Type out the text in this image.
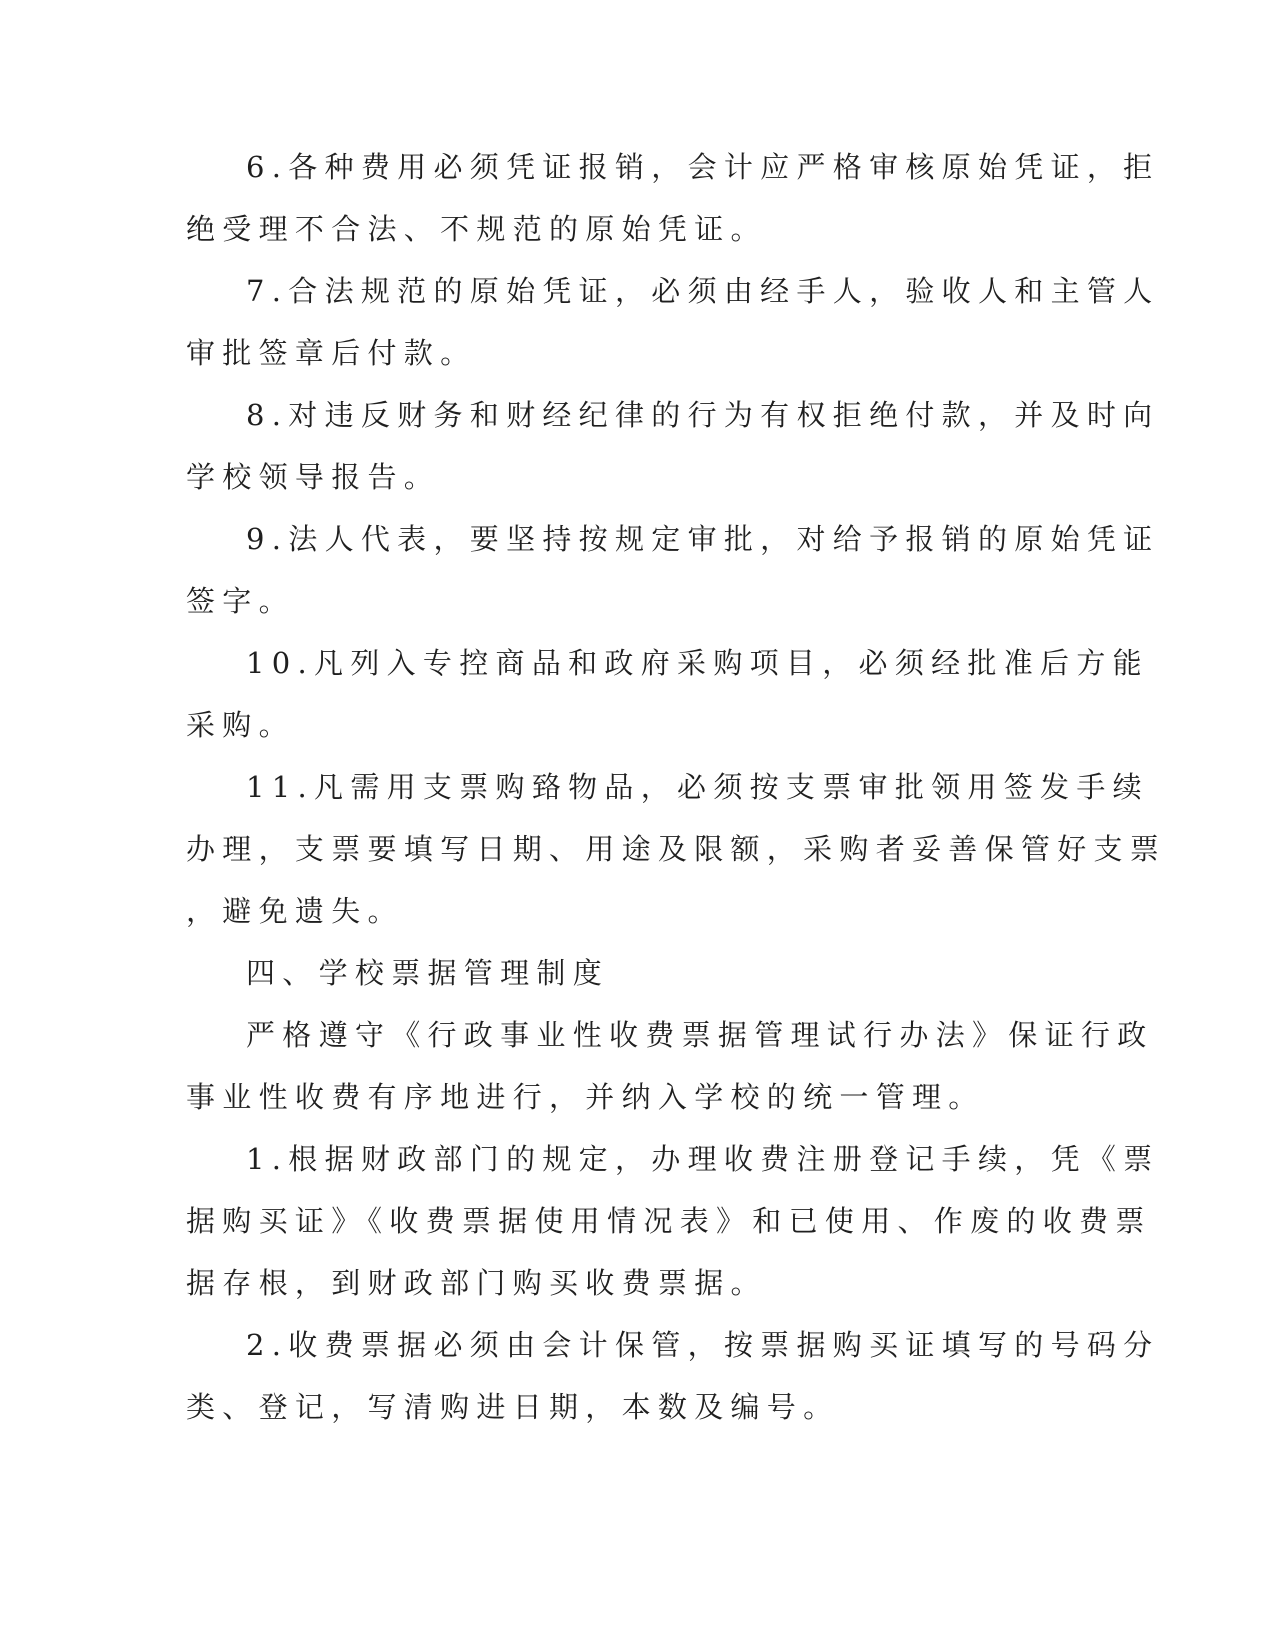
6.各种费用必须凭证报销，会计应严格审核原始凭证，拒
绝受理不合法、不规范的原始凭证。
7.合法规范的原始凭证，必须由经手人，验收人和主管人
审批签章后付款。
8.对违反财务和财经纪律的行为有权拒绝付款，并及时向
学校领导报告。
9.法人代表，要坚持按规定审批，对给予报销的原始凭证
签字。
10.凡列入专控商品和政府采购项目，必须经批准后方能
采购。
11.凡需用支票购臵物品，必须按支票审批领用签发手续
办理，支票要填写日期、用途及限额，采购者妥善保管好支票
，避免遗失。
四、学校票据管理制度
严格遵守《行政事业性收费票据管理试行办法》保证行政
事业性收费有序地进行，并纳入学校的统一管理。
1.根据财政部门的规定，办理收费注册登记手续，凭《票
据购买证》《收费票据使用情况表》和已使用、作废的收费票
据存根，到财政部门购买收费票据。
2.收费票据必须由会计保管，按票据购买证填写的号码分
类、登记，写清购进日期，本数及编号。
